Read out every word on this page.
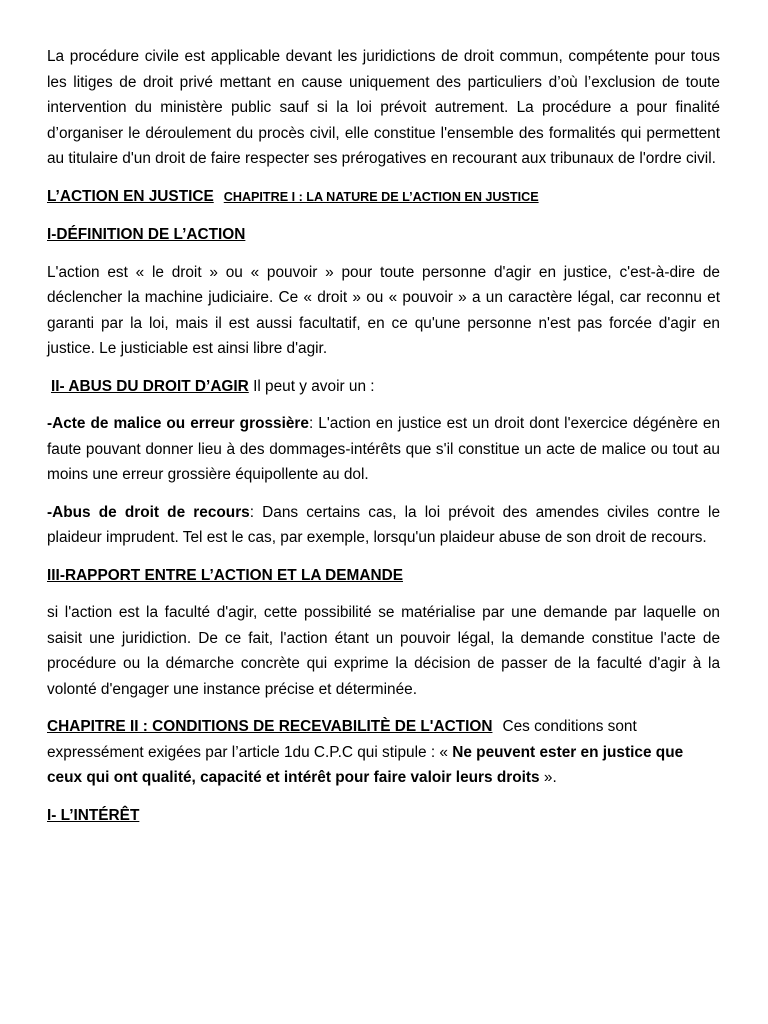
La procédure civile est applicable devant les juridictions de droit commun, compétente pour tous les litiges de droit privé mettant en cause uniquement des particuliers d’où l’exclusion de toute intervention du ministère public sauf si la loi prévoit autrement. La procédure a pour finalité d’organiser le déroulement du procès civil, elle constitue l'ensemble des formalités qui permettent au titulaire d'un droit de faire respecter ses prérogatives en recourant aux tribunaux de l'ordre civil.

L’ACTION EN JUSTICE CHAPITRE I : LA NATURE DE L’ACTION EN JUSTICE

I-DÉFINITION DE L’ACTION

L'action est « le droit » ou « pouvoir » pour toute personne d'agir en justice, c'est-à-dire de déclencher la machine judiciaire. Ce « droit » ou « pouvoir » a un caractère légal, car reconnu et garanti par la loi, mais il est aussi facultatif, en ce qu'une personne n'est pas forcée d'agir en justice. Le justiciable est ainsi libre d'agir.

II- ABUS DU DROIT D’AGIR Il peut y avoir un :

-Acte de malice ou erreur grossière: L'action en justice est un droit dont l'exercice dégénère en faute pouvant donner lieu à des dommages-intérêts que s'il constitue un acte de malice ou tout au moins une erreur grossière équipollente au dol.

-Abus de droit de recours: Dans certains cas, la loi prévoit des amendes civiles contre le plaideur imprudent. Tel est le cas, par exemple, lorsqu'un plaideur abuse de son droit de recours.

III-RAPPORT ENTRE L’ACTION ET LA DEMANDE

si l'action est la faculté d'agir, cette possibilité se matérialise par une demande par laquelle on saisit une juridiction. De ce fait, l'action étant un pouvoir légal, la demande constitue l'acte de procédure ou la démarche concrète qui exprime la décision de passer de la faculté d'agir à la volonté d'engager une instance précise et déterminée.

CHAPITRE II : CONDITIONS DE RECEVABILITÈ DE L'ACTION Ces conditions sont expressément exigées par l’article 1du C.P.C qui stipule : « Ne peuvent ester en justice que ceux qui ont qualité, capacité et intérêt pour faire valoir leurs droits ».

I- L’INTÉRÊT
